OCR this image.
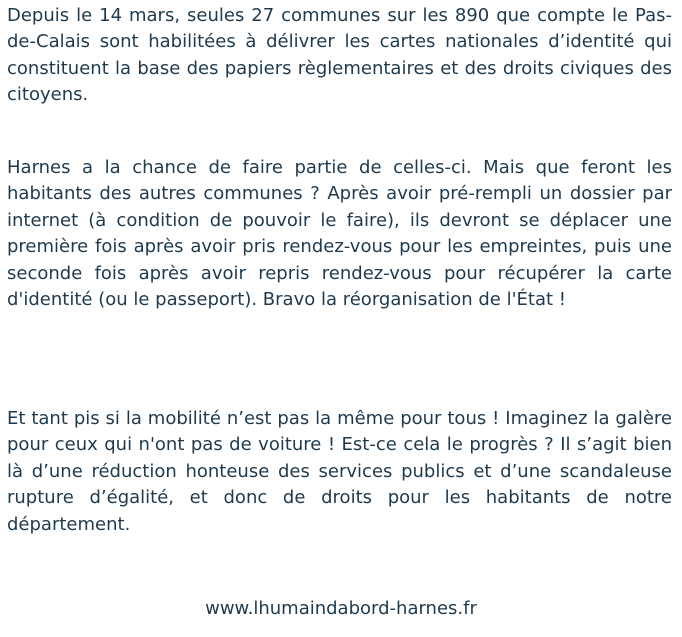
Depuis le 14 mars, seules 27 communes sur les 890 que compte le Pas-de-Calais sont habilitées à délivrer les cartes nationales d’identité qui constituent la base des papiers règlementaires et des droits civiques des citoyens.

Harnes a la chance de faire partie de celles-ci. Mais que feront les habitants des autres communes ? Après avoir pré-rempli un dossier par internet (à condition de pouvoir le faire), ils devront se déplacer une première fois après avoir pris rendez-vous pour les empreintes, puis une seconde fois après avoir repris rendez-vous pour récupérer la carte d'identité (ou le passeport). Bravo la réorganisation de l'État !

Et tant pis si la mobilité n’est pas la même pour tous ! Imaginez la galère pour ceux qui n'ont pas de voiture ! Est-ce cela le progrès ? Il s’agit bien là d’une réduction honteuse des services publics et d’une scandaleuse rupture d’égalité, et donc de droits pour les habitants de notre département.

www.lhumaindabord-harnes.fr
